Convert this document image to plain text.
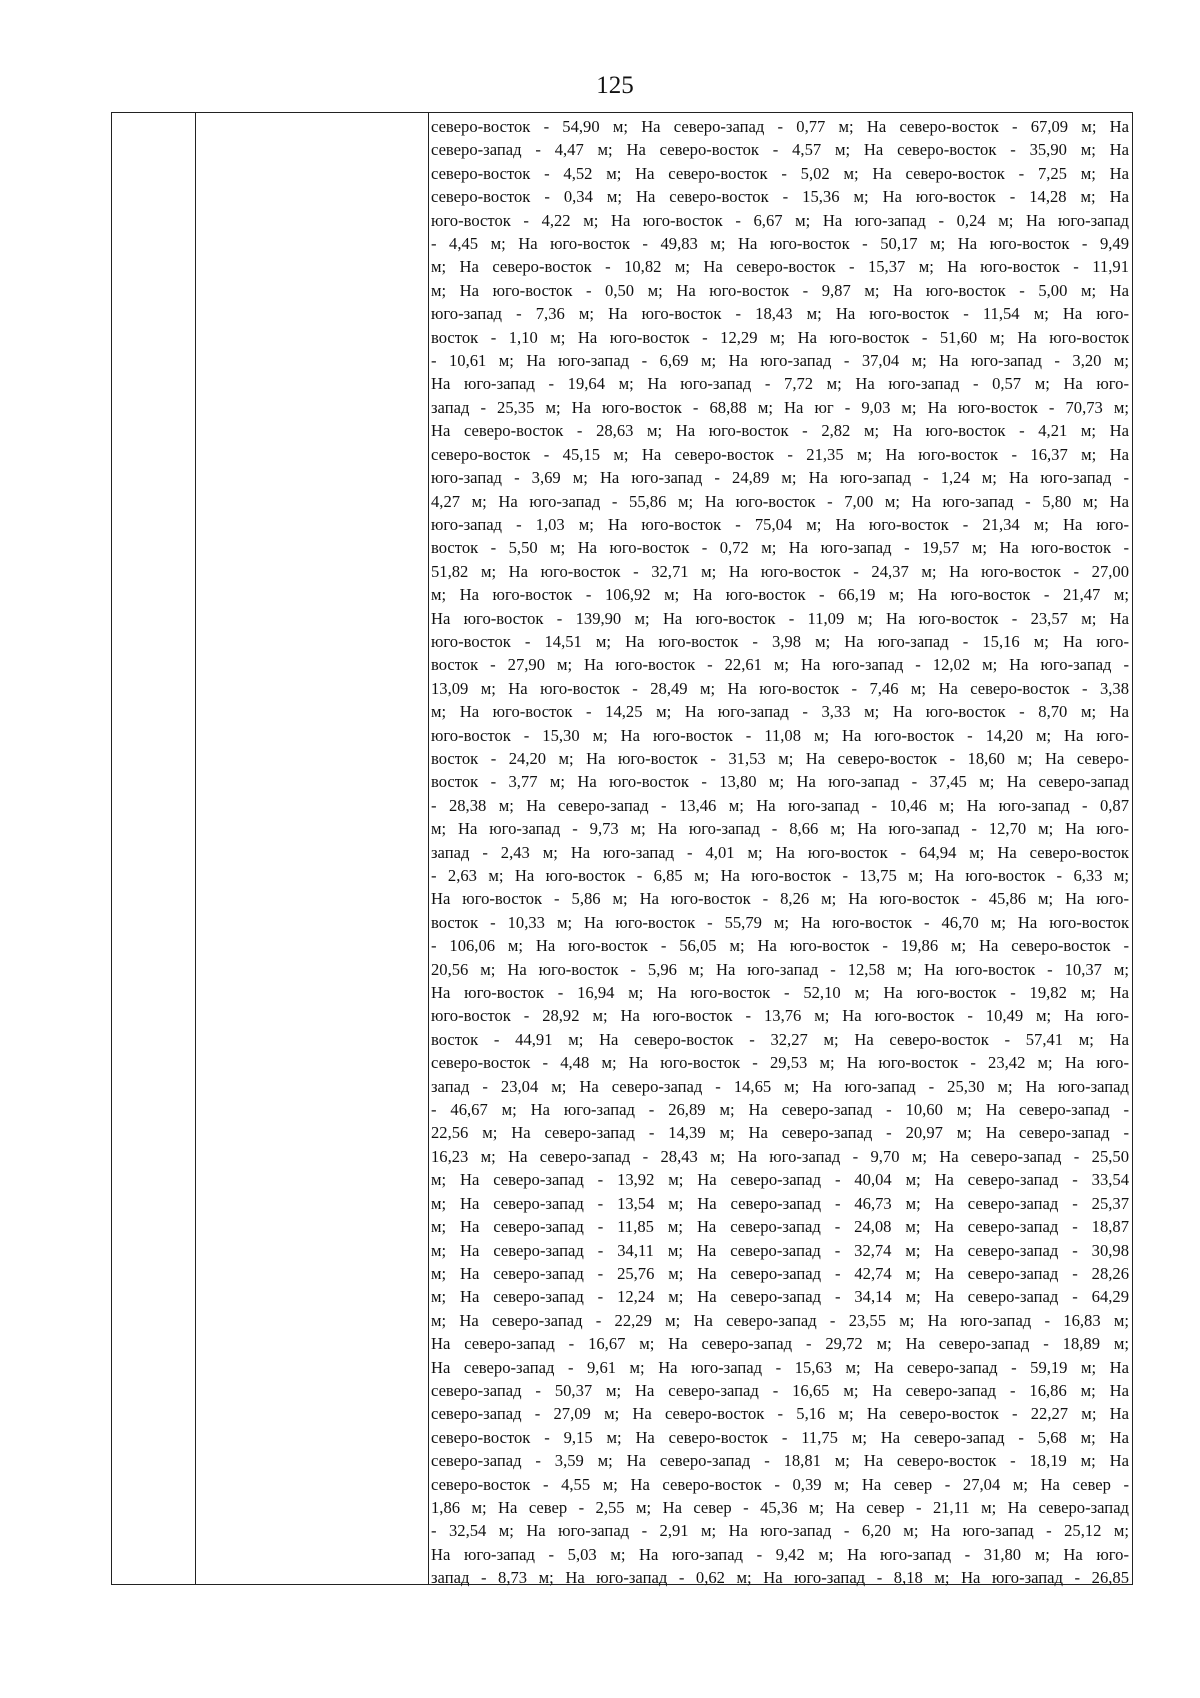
125
северо-восток - 54,90 м; На северо-запад - 0,77 м; На северо-восток - 67,09 м; На
северо-запад - 4,47 м; На северо-восток - 4,57 м; На северо-восток - 35,90 м; На
северо-восток - 4,52 м; На северо-восток - 5,02 м; На северо-восток - 7,25 м; На
северо-восток - 0,34 м; На северо-восток - 15,36 м; На юго-восток - 14,28 м; На
юго-восток - 4,22 м; На юго-восток - 6,67 м; На юго-запад - 0,24 м; На юго-запад
- 4,45 м; На юго-восток - 49,83 м; На юго-восток - 50,17 м; На юго-восток - 9,49
м; На северо-восток - 10,82 м; На северо-восток - 15,37 м; На юго-восток - 11,91
м; На юго-восток - 0,50 м; На юго-восток - 9,87 м; На юго-восток - 5,00 м; На
юго-запад - 7,36 м; На юго-восток - 18,43 м; На юго-восток - 11,54 м; На юго-
восток - 1,10 м; На юго-восток - 12,29 м; На юго-восток - 51,60 м; На юго-восток
- 10,61 м; На юго-запад - 6,69 м; На юго-запад - 37,04 м; На юго-запад - 3,20 м;
На юго-запад - 19,64 м; На юго-запад - 7,72 м; На юго-запад - 0,57 м; На юго-
запад - 25,35 м; На юго-восток - 68,88 м; На юг - 9,03 м; На юго-восток - 70,73 м;
На северо-восток - 28,63 м; На юго-восток - 2,82 м; На юго-восток - 4,21 м; На
северо-восток - 45,15 м; На северо-восток - 21,35 м; На юго-восток - 16,37 м; На
юго-запад - 3,69 м; На юго-запад - 24,89 м; На юго-запад - 1,24 м; На юго-запад -
4,27 м; На юго-запад - 55,86 м; На юго-восток - 7,00 м; На юго-запад - 5,80 м; На
юго-запад - 1,03 м; На юго-восток - 75,04 м; На юго-восток - 21,34 м; На юго-
восток - 5,50 м; На юго-восток - 0,72 м; На юго-запад - 19,57 м; На юго-восток -
51,82 м; На юго-восток - 32,71 м; На юго-восток - 24,37 м; На юго-восток - 27,00
м; На юго-восток - 106,92 м; На юго-восток - 66,19 м; На юго-восток - 21,47 м;
На юго-восток - 139,90 м; На юго-восток - 11,09 м; На юго-восток - 23,57 м; На
юго-восток - 14,51 м; На юго-восток - 3,98 м; На юго-запад - 15,16 м; На юго-
восток - 27,90 м; На юго-восток - 22,61 м; На юго-запад - 12,02 м; На юго-запад -
13,09 м; На юго-восток - 28,49 м; На юго-восток - 7,46 м; На северо-восток - 3,38
м; На юго-восток - 14,25 м; На юго-запад - 3,33 м; На юго-восток - 8,70 м; На
юго-восток - 15,30 м; На юго-восток - 11,08 м; На юго-восток - 14,20 м; На юго-
восток - 24,20 м; На юго-восток - 31,53 м; На северо-восток - 18,60 м; На северо-
восток - 3,77 м; На юго-восток - 13,80 м; На юго-запад - 37,45 м; На северо-запад
- 28,38 м; На северо-запад - 13,46 м; На юго-запад - 10,46 м; На юго-запад - 0,87
м; На юго-запад - 9,73 м; На юго-запад - 8,66 м; На юго-запад - 12,70 м; На юго-
запад - 2,43 м; На юго-запад - 4,01 м; На юго-восток - 64,94 м; На северо-восток
- 2,63 м; На юго-восток - 6,85 м; На юго-восток - 13,75 м; На юго-восток - 6,33 м;
На юго-восток - 5,86 м; На юго-восток - 8,26 м; На юго-восток - 45,86 м; На юго-
восток - 10,33 м; На юго-восток - 55,79 м; На юго-восток - 46,70 м; На юго-восток
- 106,06 м; На юго-восток - 56,05 м; На юго-восток - 19,86 м; На северо-восток -
20,56 м; На юго-восток - 5,96 м; На юго-запад - 12,58 м; На юго-восток - 10,37 м;
На юго-восток - 16,94 м; На юго-восток - 52,10 м; На юго-восток - 19,82 м; На
юго-восток - 28,92 м; На юго-восток - 13,76 м; На юго-восток - 10,49 м; На юго-
восток - 44,91 м; На северо-восток - 32,27 м; На северо-восток - 57,41 м; На
северо-восток - 4,48 м; На юго-восток - 29,53 м; На юго-восток - 23,42 м; На юго-
запад - 23,04 м; На северо-запад - 14,65 м; На юго-запад - 25,30 м; На юго-запад
- 46,67 м; На юго-запад - 26,89 м; На северо-запад - 10,60 м; На северо-запад -
22,56 м; На северо-запад - 14,39 м; На северо-запад - 20,97 м; На северо-запад -
16,23 м; На северо-запад - 28,43 м; На юго-запад - 9,70 м; На северо-запад - 25,50
м; На северо-запад - 13,92 м; На северо-запад - 40,04 м; На северо-запад - 33,54
м; На северо-запад - 13,54 м; На северо-запад - 46,73 м; На северо-запад - 25,37
м; На северо-запад - 11,85 м; На северо-запад - 24,08 м; На северо-запад - 18,87
м; На северо-запад - 34,11 м; На северо-запад - 32,74 м; На северо-запад - 30,98
м; На северо-запад - 25,76 м; На северо-запад - 42,74 м; На северо-запад - 28,26
м; На северо-запад - 12,24 м; На северо-запад - 34,14 м; На северо-запад - 64,29
м; На северо-запад - 22,29 м; На северо-запад - 23,55 м; На юго-запад - 16,83 м;
На северо-запад - 16,67 м; На северо-запад - 29,72 м; На северо-запад - 18,89 м;
На северо-запад - 9,61 м; На юго-запад - 15,63 м; На северо-запад - 59,19 м; На
северо-запад - 50,37 м; На северо-запад - 16,65 м; На северо-запад - 16,86 м; На
северо-запад - 27,09 м; На северо-восток - 5,16 м; На северо-восток - 22,27 м; На
северо-восток - 9,15 м; На северо-восток - 11,75 м; На северо-запад - 5,68 м; На
северо-запад - 3,59 м; На северо-запад - 18,81 м; На северо-восток - 18,19 м; На
северо-восток - 4,55 м; На северо-восток - 0,39 м; На север - 27,04 м; На север -
1,86 м; На север - 2,55 м; На север - 45,36 м; На север - 21,11 м; На северо-запад
- 32,54 м; На юго-запад - 2,91 м; На юго-запад - 6,20 м; На юго-запад - 25,12 м;
На юго-запад - 5,03 м; На юго-запад - 9,42 м; На юго-запад - 31,80 м; На юго-
запад - 8,73 м; На юго-запад - 0,62 м; На юго-запад - 8,18 м; На юго-запад - 26,85
